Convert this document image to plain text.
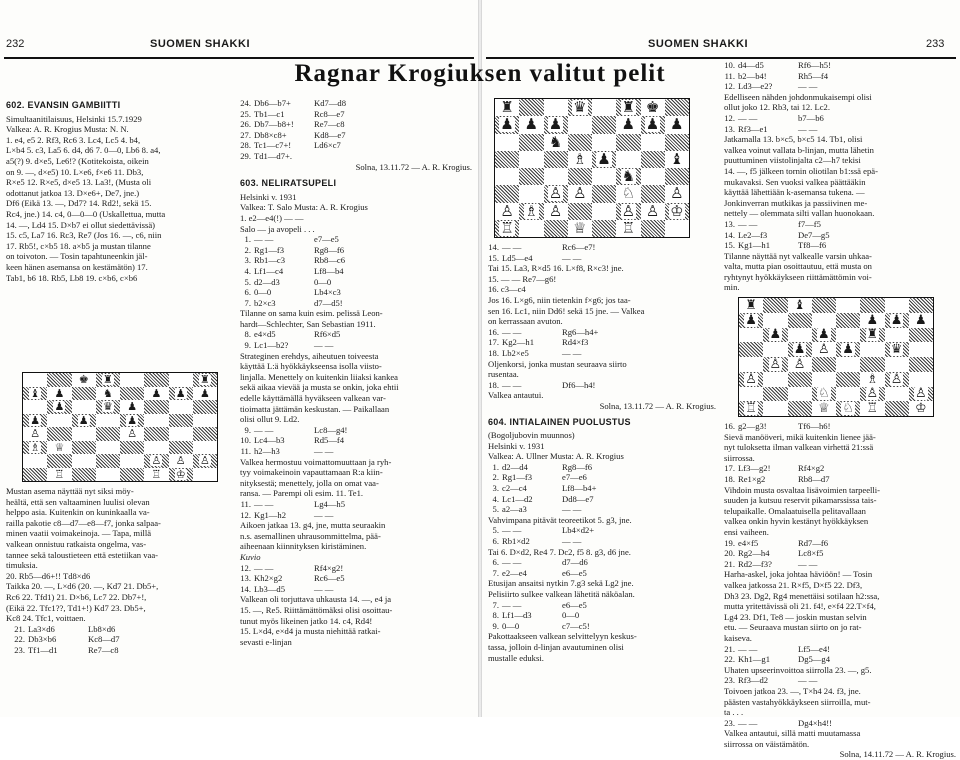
232	SUOMEN SHAKKI	SUOMEN SHAKKI	233
Ragnar Krogiuksen valitut pelit
602. EVANSIN GAMBIITTI
Simultaanitilaisuus, Helsinki 15.7.1929
Valkea: A. R. Krogius Musta: N. N.
1. e4, e5 2. Rf3, Rc6 3. Lc4, Lc5 4. b4,
L×b4 5. c3, La5 6. d4, d6 7. 0—0, Lb6 8. a4,
a5(?) 9. d×e5, Le6!? (Kotitekoista, oikein
on 9. —, d×e5) 10. L×e6, f×e6 11. Db3,
R×e5 12. R×e5, d×e5 13. La3!, (Musta oli
odottanut jatkoa 13. D×e6+, De7, jne.)
Df6 (Eikä 13. —, Dd7? 14. Rd2!, sekä 15.
Rc4, jne.) 14. c4, 0—0—0 (Uskallettua, mutta
14. —, Ld4 15. D×b7 ei ollut siedettävissä)
15. c5, La7 16. Rc3, Re7 (Jos 16. —, c6, niin
17. Rb5!, c×b5 18. a×b5 ja mustan tilanne
on toivoton. — Tosin tapahtuneenkin jäl-
keen hänen asemansa on kestämätön) 17.
Tab1, b6 18. Rb5, Lb8 19. c×b6, c×b6
♚ ♜	♜
♝ ♟	♞	♟ ♟ ♟
♟	♛ ♟
♟	♟	♟
♙	♙
♗ ♕
♙ ♙ ♙
♖	♖ ♔
Mustan asema näyttää nyt siksi möy-
heältä, että sen valtaaminen luulisi olevan
helppo asia. Kuitenkin on kuninkaalla va-
railla pakotie c8—d7—e8—f7, jonka salpaa-
minen vaatii voimakeinoja. — Tapa, millä
valkean onnistuu ratkaista ongelma, vas-
tannee sekä taloustieteen että estetiikan vaa-
timuksia.
20. Rb5—d6+!! Td8×d6
Taikka 20. —, L×d6 (20. —, Kd7 21. Db5+,
Rc6 22. Tfd1) 21. D×b6, Lc7 22. Db7+!,
(Eikä 22. Tfc1??, Td1+!) Kd7 23. Db5+,
Kc8 24. Tfc1, voittaen.
21. La3×d6	Lb8×d6
22. Db3×b6	Kc8—d7
23. Tf1—d1	Re7—c8
24. Db6—b7+	Kd7—d8
25. Tb1—c1	Rc8—e7
26. Db7—b8+!	Re7—c8
27. Db8×c8+	Kd8—e7
28. Tc1—c7+!	Ld6×c7
29. Td1—d7+.
Solna, 13.11.72 — A. R. Krogius.
603. NELIRATSUPELI
Helsinki v. 1931
Valkea: T. Salo Musta: A. R. Krogius
1. e2—e4(!) — —
Salo — ja avopeli . . .
1. — —	e7—e5
2. Rg1—f3	Rg8—f6
3. Rb1—c3	Rb8—c6
4. Lf1—c4	Lf8—b4
5. d2—d3	0—0
6. 0—0	Lb4×c3
7. b2×c3	d7—d5!
Tilanne on sama kuin esim. pelissä Leon-
hardt—Schlechter, San Sebastian 1911.
8. e4×d5	Rf6×d5
9. Lc1—b2?	— —
Strateginen erehdys, aiheutuen toiveesta
käyttää L:ä hyökkäykseensa isolla viisto-
linjalla. Menettely on kuitenkin liiaksi kankea
sekä aikaa vievää ja musta se onkin, joka ehtii
edelle käyttämällä hyväkseen valkean var-
tioimatta jättämän keskustan. — Paikallaan
olisi ollut 9. Ld2.
9. — —	Lc8—g4!
10. Lc4—b3	Rd5—f4
11. h2—h3	— —
Valkea hermostuu voimattomuuttaan ja ryh-
tyy voimakeinoin vapauttamaan R:a kiin-
nityksestä; menettely, jolla on omat vaa-
ransa. — Parempi oli esim. 11. Te1.
11. — —	Lg4—h5
12. Kg1—h2	— —
Aikoen jatkaa 13. g4, jne, mutta seuraakin
n.s. asemallinen uhrausommittelma, pää-
aiheenaan kiinnityksen kiristäminen.
Kuvio
12. — —	Rf4×g2!
13. Kh2×g2	Rc6—e5
14. Lb3—d5	— —
Valkean oli torjuttava uhkausta 14. —, e4 ja
15. —, Re5. Riittämättömäksi olisi osoittau-
tunut myös likeinen jatko 14. c4, Rd4!
15. L×d4, e×d4 ja musta niehittää ratkai-
sevasti e-linjan
♜	♛ ♜ ♚
♟ ♟ ♟	♟ ♟ ♟
♞
♗ ♟	♝
♞
♙ ♙ ♘ ♙
♙ ♗ ♙	♙ ♙ ♔
♖	♕ ♖
14. — —	Rc6—e7!
15. Ld5—e4	— —
Tai 15. La3, R×d5 16. L×f8, R×c3! jne.
15. — — Re7—g6!
16. c3—c4
Jos 16. L×g6, niin tietenkin f×g6; jos taa-
sen 16. Lc1, niin Dd6! sekä 15 jne. — Valkea
on kerrassaan avuton.
16. — —	Rg6—h4+
17. Kg2—h1	Rd4×f3
18. Lb2×e5	— —
Oljenkorsi, jonka mustan seuraava siirto
rusentaa.
18. — —	Df6—h4!
Valkea antautui.
Solna, 13.11.72 — A. R. Krogius.
604. INTIALAINEN PUOLUSTUS
(Bogoljubovin muunnos)
Helsinki v. 1931
Valkea: A. Ullner Musta: A. R. Krogius
1. d2—d4	Rg8—f6
2. Rg1—f3	e7—e6
3. c2—c4	Lf8—b4+
4. Lc1—d2	Dd8—e7
5. a2—a3	— —
Vahvimpana pitävät teoreetikot 5. g3, jne.
5. — —	Lb4×d2+
6. Rb1×d2	— —
Tai 6. D×d2, Re4 7. Dc2, f5 8. g3, d6 jne.
6. — —	d7—d6
7. e2—e4	e6—e5
Etusijan ansaitsi nytkin 7.g3 sekä Lg2 jne.
Pelisiirto sulkee valkean lähetitä näköalan.
7. — —	e6—e5
8. Lf1—d3	0—0
9. 0—0	c7—c5!
Pakottaakseen valkean selvittelyyn keskus-
tassa, jolloin d-linjan avautuminen olisi
mustalle eduksi.
10. d4—d5	Rf6—h5!
11. b2—b4!	Rh5—f4
12. Ld3—e2?	— —
Edelliseen nähden johdonmukaisempi olisi
ollut joko 12. Rb3, tai 12. Lc2.
12. — —	b7—b6
13. Rf3—e1	— —
Jatkamalla 13. b×c5, b×c5 14. Tb1, olisi
valkea voinut vallata b-linjan, mutta lähetin
puuttuminen viistolinjalta c2—h7 tekisi
14. —, f5 jälkeen tornin oliotilan b1:ssä epä-
mukavaksi. Sen vuoksi valkea päättääkin
käyttää lähettiään k-asemansa tukena. —
Jonkinverran mutkikas ja passiivinen me-
nettely — olemmata silti vallan huonokaan.
13. — —	f7—f5
14. Le2—f3	De7—g5
15. Kg1—h1	Tf8—f6
Tilanne näyttää nyt valkealle varsin uhkaa-
valta, mutta pian osoittautuu, että musta on
ryhtynyt hyökkäykseen riittämättömin voi-
min.
♜	♝
♟	♟ ♟ ♟
♟	♟	♜
♟ ♙ ♟	♛
♙ ♙
♙	♗ ♙
♘	♙	♙
♖	♕ ♘ ♖	♔
16. g2—g3!	Tf6—h6!
Sievä manööveri, mikä kuitenkin lienee jää-
nyt tuloksetta ilman valkean virhettä 21:ssä
siirrossa.
17. Lf3—g2!	Rf4×g2
18. Re1×g2	Rb8—d7
Vihdoin musta osvaltaa lisävoimien tarpeelli-
suuden ja kutsuu reservit pikamarssissa tais-
telupaikalle. Omalaatuisella pelitavallaan
valkea onkin hyvin kestänyt hyökkäyksen
ensi vaiheen.
19. e4×f5	Rd7—f6
20. Rg2—h4	Lc8×f5
21. Rd2—f3?	— —
Harha-askel, joka johtaa häviöön! — Tosin
valkea jatkossa 21. R×f5, D×f5 22. Df3,
Dh3 23. Dg2, Rg4 menettäisi sotilaan h2:ssa,
mutta yritettävissä oli 21. f4!, e×f4 22.T×f4,
Lg4 23. Df1, Te8 — joskin mustan selvin
etu. — Seuraava mustan siirto on jo rat-
kaiseva.
21. — —	Lf5—e4!
22. Kh1—g1	Dg5—g4
Uhaten upseerinvoittoa siirrolla 23. —, g5.
23. Rf3—d2	— —
Toivoen jatkoa 23. —, T×h4 24. f3, jne.
päästen vastahyökkäykseen siirroilla, mut-
ta . . .
23. — —	Dg4×h4!!
Valkea antautui, sillä matti muutamassa
siirrossa on väistämätön.
Solna, 14.11.72 — A. R. Krogius.
